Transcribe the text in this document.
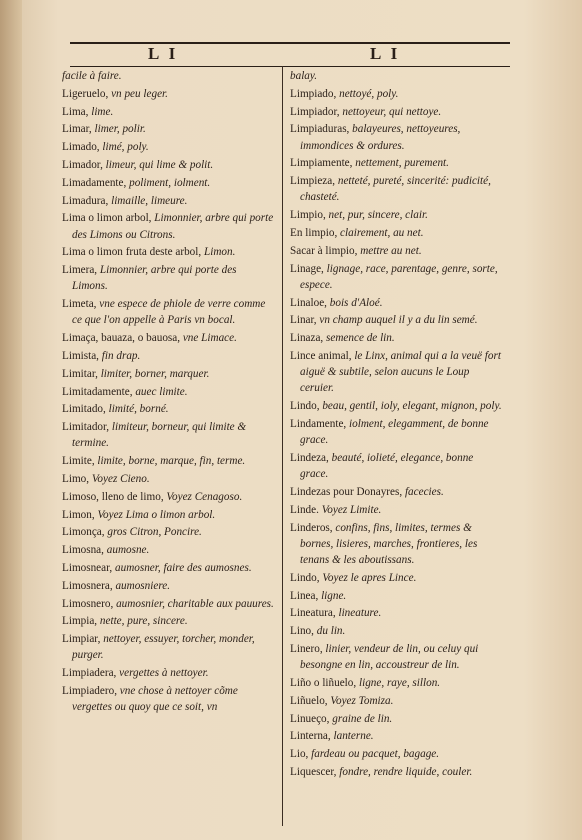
L I	L I
facile à faire.
Ligeruelo, vn peu leger.
Lima, lime.
Limar, limer, polir.
Limado, limé, poly.
Limador, limeur, qui lime & polit.
Limadamente, poliment, iolment.
Limadura, limaille, limeure.
Lima o limon arbol, Limonnier, arbre qui porte des Limons ou Citrons.
Lima o limon fruta deste arbol, Limon.
Limera, Limonnier, arbre qui porte des Limons.
Limeta, vne espece de phiole de verre comme ce que l'on appelle à Paris vn bocal.
Limaça, bauaza, o bauosa, vne Limace.
Limista, fin drap.
Limitar, limiter, borner, marquer.
Limitadamente, auec limite.
Limitado, limité, borné.
Limitador, limiteur, borneur, qui limite & termine.
Limite, limite, borne, marque, fin, terme.
Limo, Voyez Cieno.
Limoso, lleno de limo, Voyez Cenagoso.
Limon, Voyez Lima o limon arbol.
Limonça, gros Citron, Poncire.
Limosna, aumosne.
Limosnear, aumosner, faire des aumosnes.
Limosnera, aumosniere.
Limosnero, aumosnier, charitable aux pauures.
Limpia, nette, pure, sincere.
Limpiar, nettoyer, essuyer, torcher, monder, purger.
Limpiadera, vergettes à nettoyer.
Limpiadero, vne chose à nettoyer cõme vergettes ou quoy que ce soit, vn
balay.
Limpiado, nettoyé, poly.
Limpiador, nettoyeur, qui nettoye.
Limpiaduras, balayeures, nettoyeures, immondices & ordures.
Limpiamente, nettement, purement.
Limpieza, netteté, pureté, sincerité: pudicité, chasteté.
Limpio, net, pur, sincere, clair.
En limpio, clairement, au net.
Sacar à limpio, mettre au net.
Linage, lignage, race, parentage, genre, sorte, espece.
Linaloe, bois d'Aloé.
Linar, vn champ auquel il y a du lin semé.
Linaza, semence de lin.
Lince animal, le Linx, animal qui a la veuë fort aiguë & subtile, selon aucuns le Loup ceruier.
Lindo, beau, gentil, ioly, elegant, mignon, poly.
Lindamente, iolment, elegamment, de bonne grace.
Lindeza, beauté, iolieté, elegance, bonne grace.
Lindezas pour Donayres, facecies.
Linde. Voyez Limite.
Linderos, confins, fins, limites, termes & bornes, lisieres, marches, frontieres, les tenans & les aboutissans.
Lindo, Voyez le apres Lince.
Linea, ligne.
Lineatura, lineature.
Lino, du lin.
Linero, linier, vendeur de lin, ou celuy qui besongne en lin, accoustreur de lin.
Liño o liñuelo, ligne, raye, sillon.
Liñuelo, Voyez Tomiza.
Linueço, graine de lin.
Linterna, lanterne.
Lio, fardeau ou pacquet, bagage.
Liquescer, fondre, rendre liquide, couler.
